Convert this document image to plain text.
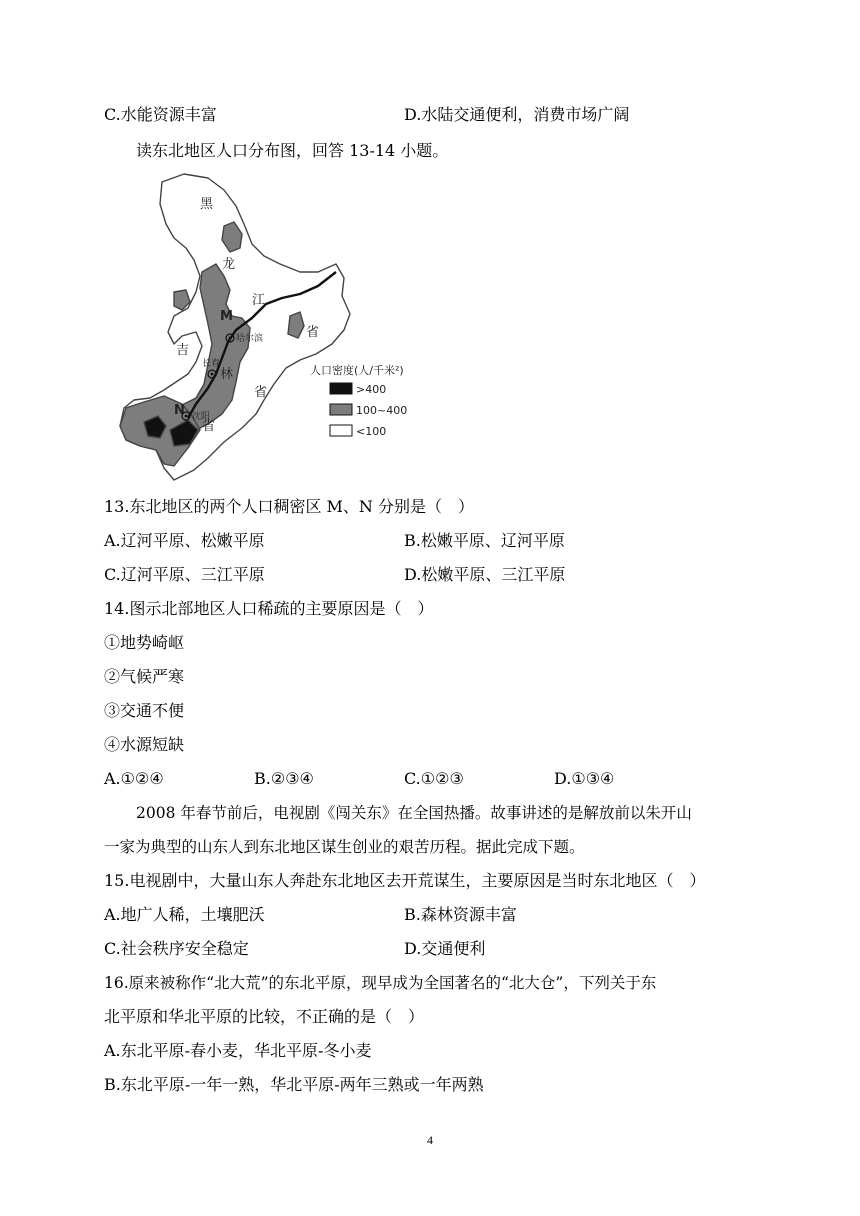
C.水能资源丰富	D.水陆交通便利，消费市场广阔
读东北地区人口分布图，回答 13-14 小题。
黑
龙
江
省
吉
林
省
省
M
N
哈尔滨
长春
沈阳
人口密度(人/千米²)
>400
100~400
<100
13.东北地区的两个人口稠密区 M、N 分别是（　）
A.辽河平原、松嫩平原	B.松嫩平原、辽河平原
C.辽河平原、三江平原	D.松嫩平原、三江平原
14.图示北部地区人口稀疏的主要原因是（　）
①地势崎岖
②气候严寒
③交通不便
④水源短缺
A.①②④	B.②③④	C.①②③	D.①③④
2008 年春节前后，电视剧《闯关东》在全国热播。故事讲述的是解放前以朱开山
一家为典型的山东人到东北地区谋生创业的艰苦历程。据此完成下题。
15.电视剧中，大量山东人奔赴东北地区去开荒谋生，主要原因是当时东北地区（　）
A.地广人稀，土壤肥沃	B.森林资源丰富
C.社会秩序安全稳定	D.交通便利
16.原来被称作“北大荒”的东北平原，现早成为全国著名的“北大仓”，下列关于东
北平原和华北平原的比较，不正确的是（　）
A.东北平原-春小麦，华北平原-冬小麦
B.东北平原-一年一熟，华北平原-两年三熟或一年两熟
4
